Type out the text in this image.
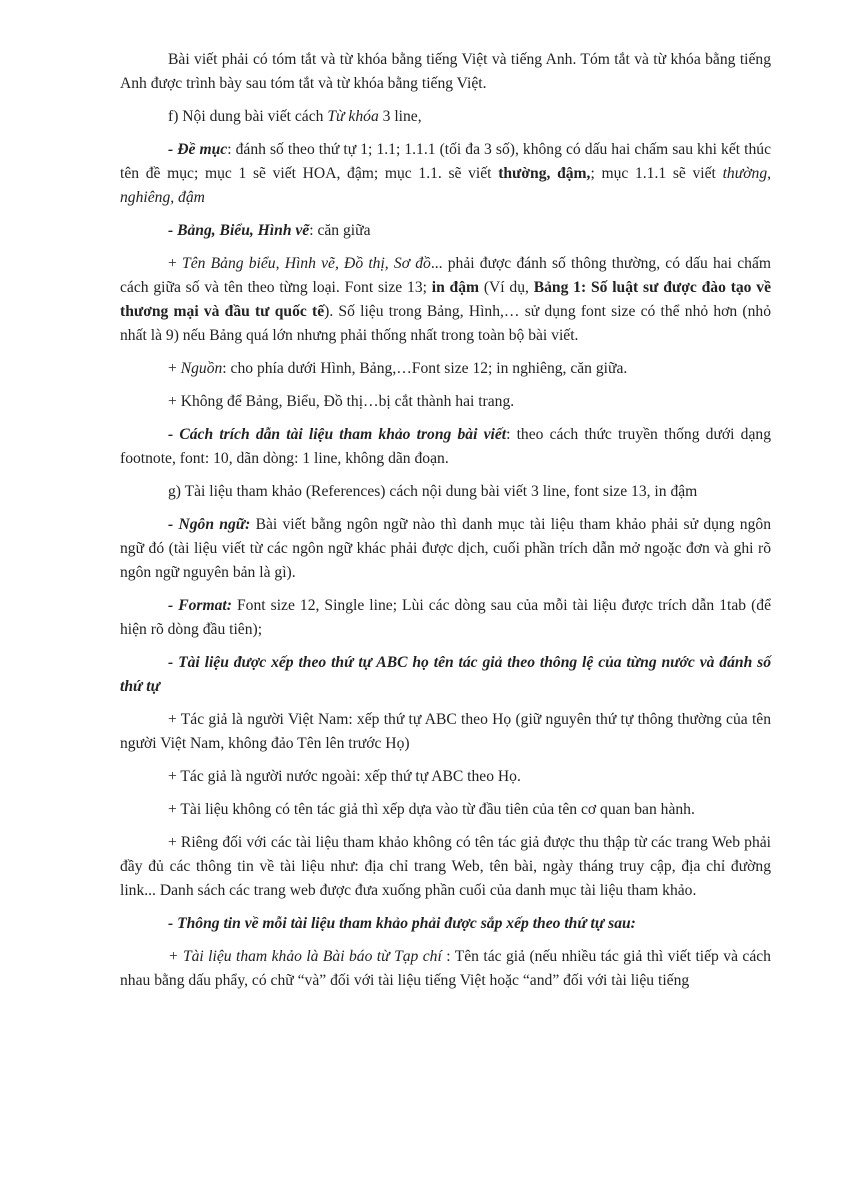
Bài viết phải có tóm tắt và từ khóa bằng tiếng Việt và tiếng Anh. Tóm tắt và từ khóa bằng tiếng Anh được trình bày sau tóm tắt và từ khóa bằng tiếng Việt.

f) Nội dung bài viết cách Từ khóa 3 line,

- Đề mục: đánh số theo thứ tự 1; 1.1; 1.1.1 (tối đa 3 số), không có dấu hai chấm sau khi kết thúc tên đề mục; mục 1 sẽ viết HOA, đậm; mục 1.1. sẽ viết thường, đậm,; mục 1.1.1 sẽ viết thường, nghiêng, đậm

- Bảng, Biểu, Hình vẽ: căn giữa

+ Tên Bảng biểu, Hình vẽ, Đồ thị, Sơ đồ... phải được đánh số thông thường, có dấu hai chấm cách giữa số và tên theo từng loại. Font size 13; in đậm (Ví dụ, Bảng 1: Số luật sư được đào tạo về thương mại và đầu tư quốc tế). Số liệu trong Bảng, Hình,… sử dụng font size có thể nhỏ hơn (nhỏ nhất là 9) nếu Bảng quá lớn nhưng phải thống nhất trong toàn bộ bài viết.

+ Nguồn: cho phía dưới Hình, Bảng,…Font size 12; in nghiêng, căn giữa.

+ Không để Bảng, Biểu, Đồ thị…bị cắt thành hai trang.

- Cách trích dẫn tài liệu tham khảo trong bài viết: theo cách thức truyền thống dưới dạng footnote, font: 10, dãn dòng: 1 line, không dãn đoạn.

g) Tài liệu tham khảo (References) cách nội dung bài viết 3 line, font size 13, in đậm

- Ngôn ngữ: Bài viết bằng ngôn ngữ nào thì danh mục tài liệu tham khảo phải sử dụng ngôn ngữ đó (tài liệu viết từ các ngôn ngữ khác phải được dịch, cuối phần trích dẫn mở ngoặc đơn và ghi rõ ngôn ngữ nguyên bản là gì).

- Format: Font size 12, Single line; Lùi các dòng sau của mỗi tài liệu được trích dẫn 1tab (để hiện rõ dòng đầu tiên);

- Tài liệu được xếp theo thứ tự ABC họ tên tác giả theo thông lệ của từng nước và đánh số thứ tự

+ Tác giả là người Việt Nam: xếp thứ tự ABC theo Họ (giữ nguyên thứ tự thông thường của tên người Việt Nam, không đảo Tên lên trước Họ)

+ Tác giả là người nước ngoài: xếp thứ tự ABC theo Họ.

+ Tài liệu không có tên tác giả thì xếp dựa vào từ đầu tiên của tên cơ quan ban hành.

+ Riêng đối với các tài liệu tham khảo không có tên tác giả được thu thập từ các trang Web phải đầy đủ các thông tin về tài liệu như: địa chỉ trang Web, tên bài, ngày tháng truy cập, địa chỉ đường link... Danh sách các trang web được đưa xuống phần cuối của danh mục tài liệu tham khảo.

- Thông tin về mỗi tài liệu tham khảo phải được sắp xếp theo thứ tự sau:

+ Tài liệu tham khảo là Bài báo từ Tạp chí : Tên tác giả (nếu nhiều tác giả thì viết tiếp và cách nhau bằng dấu phẩy, có chữ “và” đối với tài liệu tiếng Việt hoặc “and” đối với tài liệu tiếng
